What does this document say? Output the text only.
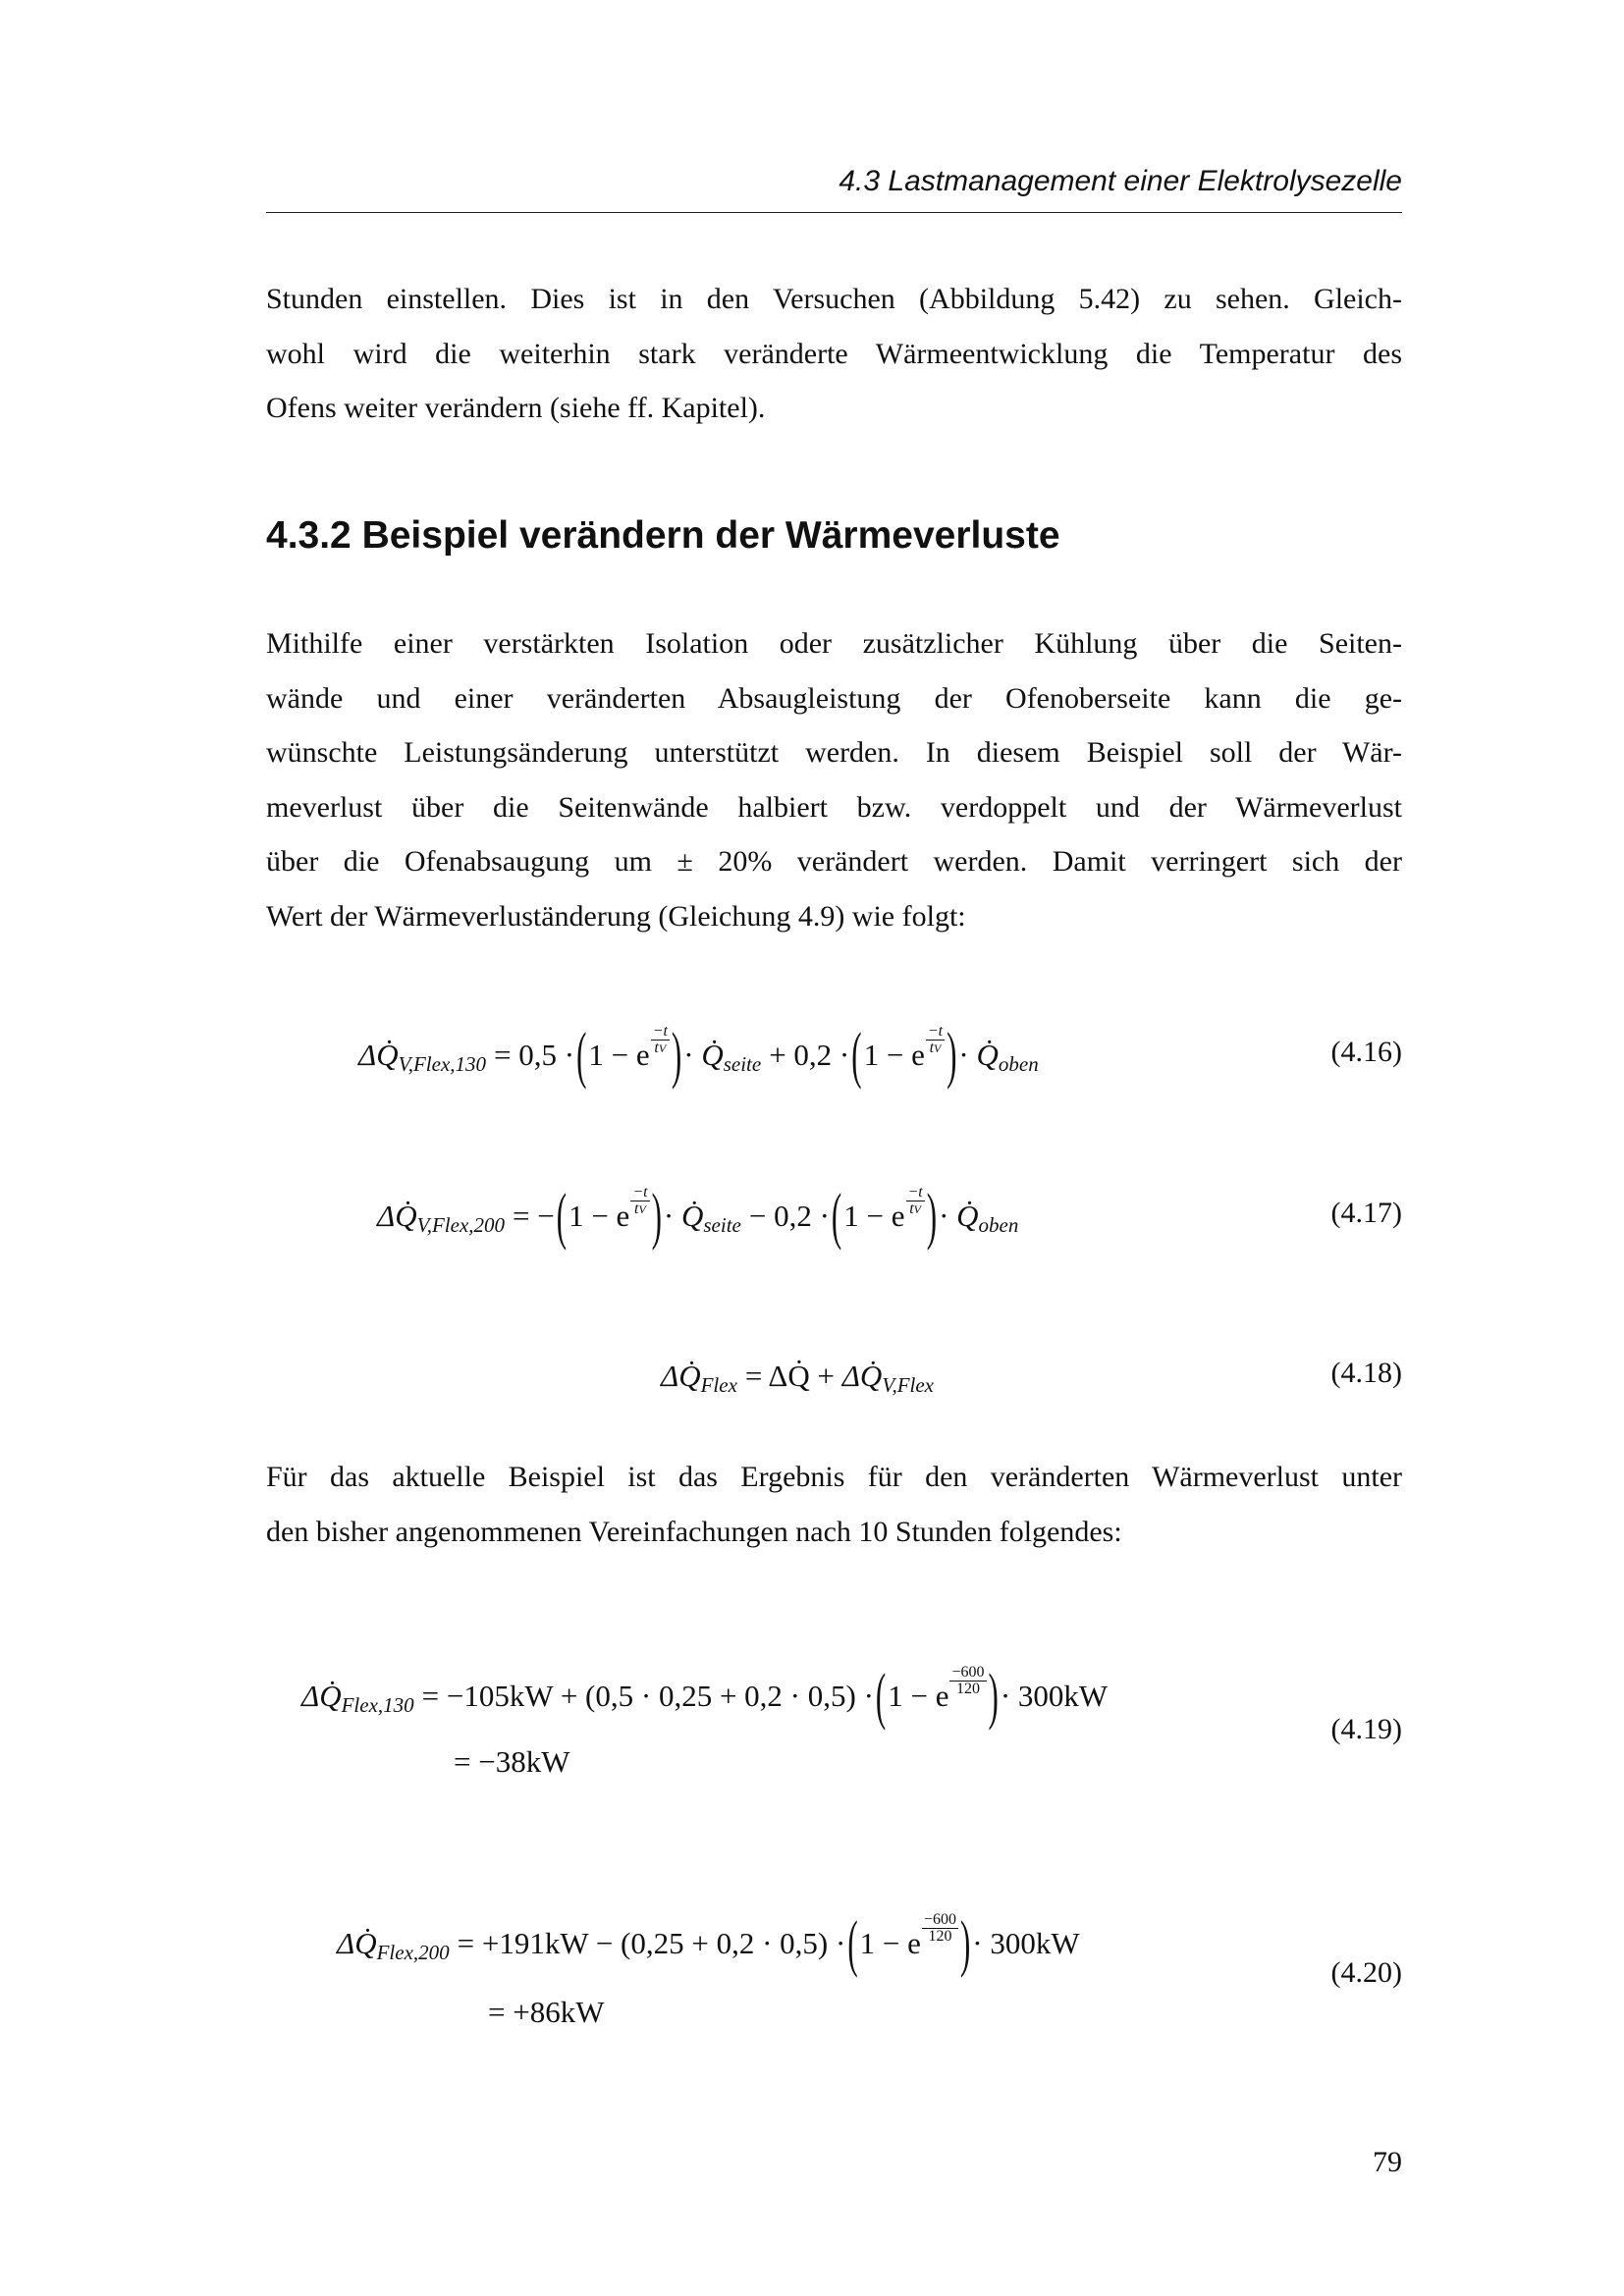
4.3 Lastmanagement einer Elektrolysezelle
Stunden einstellen. Dies ist in den Versuchen (Abbildung 5.42) zu sehen. Gleich-
wohl wird die weiterhin stark veränderte Wärmeentwicklung die Temperatur des
Ofens weiter verändern (siehe ff. Kapitel).
4.3.2 Beispiel verändern der Wärmeverluste
Mithilfe einer verstärkten Isolation oder zusätzlicher Kühlung über die Seiten-
wände und einer veränderten Absaugleistung der Ofenoberseite kann die ge-
wünschte Leistungsänderung unterstützt werden. In diesem Beispiel soll der Wär-
meverlust über die Seitenwände halbiert bzw. verdoppelt und der Wärmeverlust
über die Ofenabsaugung um ± 20% verändert werden. Damit verringert sich der
Wert der Wärmeverluständerung (Gleichung 4.9) wie folgt:
ΔQ̇ V,Flex,130 = 0,5 · ( 1 − e $\frac{-t}{tV}$ ) ·
Q̇ seite + 0,2 · ( 1 − e $\frac{-t}{tV}$ ) ·
Q̇ oben	(4.16)
ΔQ̇ V,Flex,200 = − ( 1 − e $\frac{-t}{tV}$ ) ·
Q̇ seite − 0,2 · ( 1 − e $\frac{-t}{tV}$ ) ·
Q̇ oben	(4.17)
ΔQ̇ Flex = ΔQ̇ + ΔQ̇ V,Flex	(4.18)
Für das aktuelle Beispiel ist das Ergebnis für den veränderten Wärmeverlust unter
den bisher angenommenen Vereinfachungen nach 10 Stunden folgendes:
ΔQ̇ Flex,130 = −105kW + (0,5 · 0,25 + 0,2 · 0,5) · ( 1 − e $\frac{-600}{120}$ ) · 300kW
= −38kW
(4.19)
ΔQ̇ Flex,200 = +191kW − (0,25 + 0,2 · 0,5) · ( 1 − e $\frac{-600}{120}$ ) · 300kW
= +86kW
(4.20)
79
